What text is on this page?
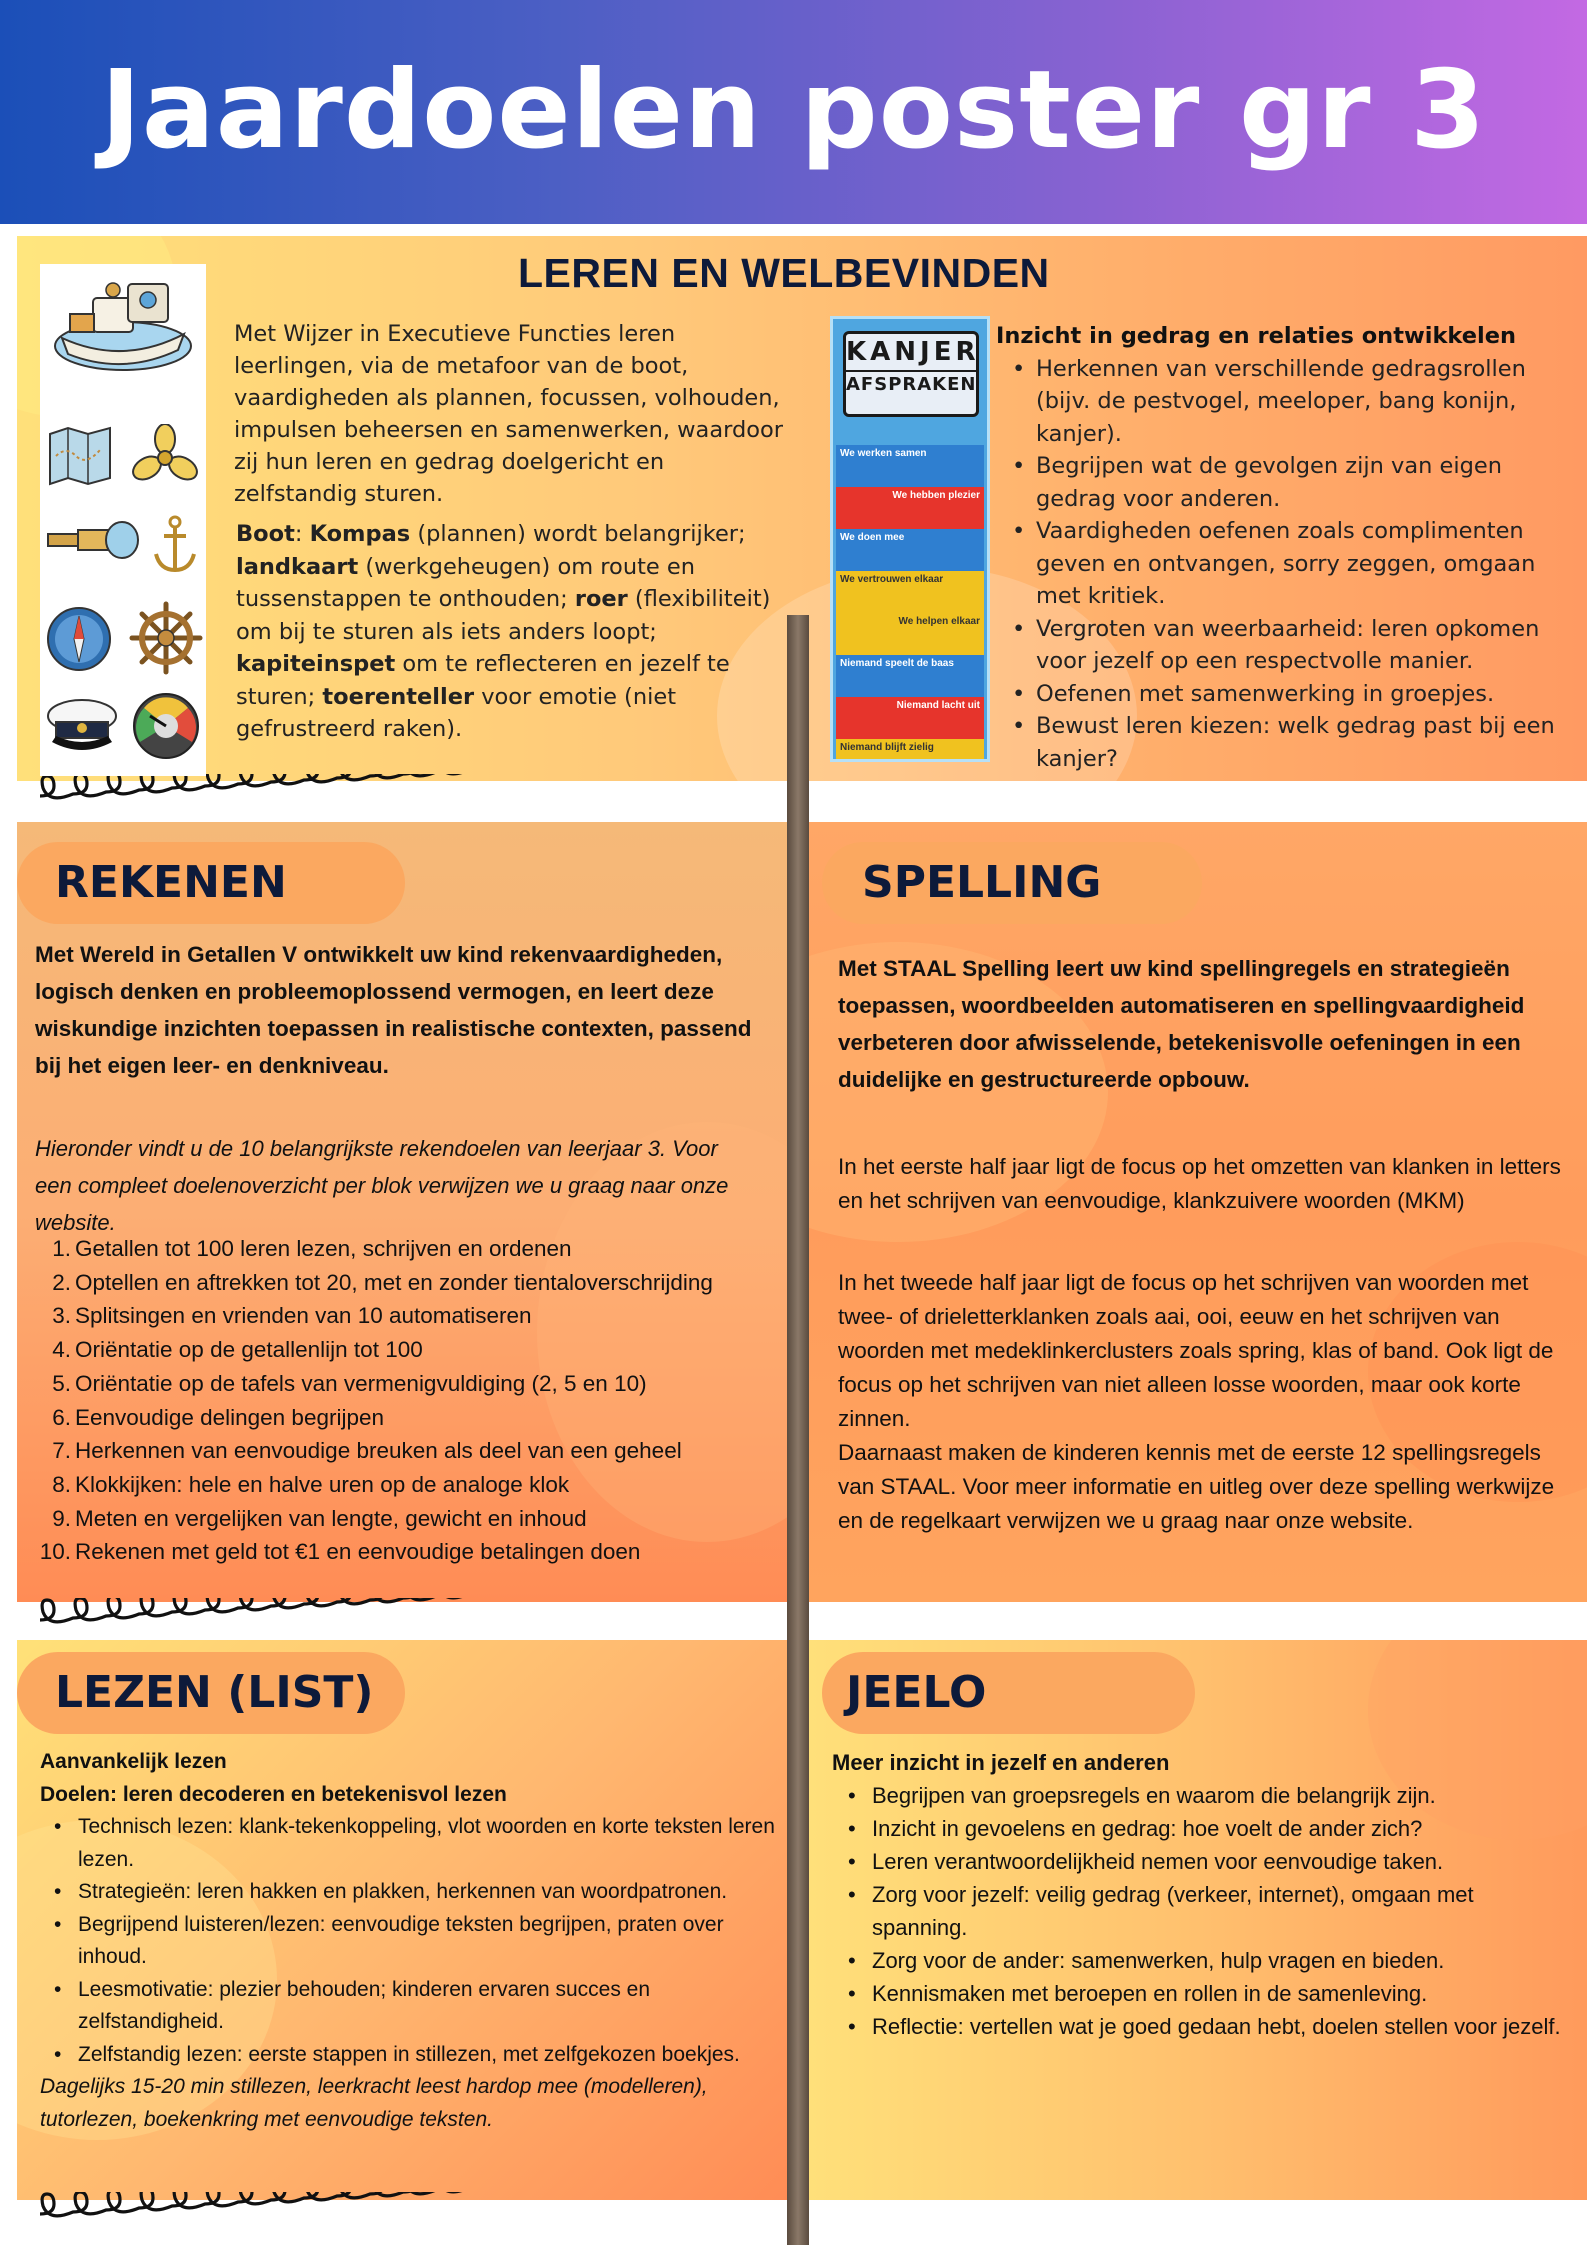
Jaardoelen poster gr 3
LEREN EN WELBEVINDEN
Met Wijzer in Executieve Functies leren leerlingen, via de metafoor van de boot, vaardigheden als plannen, focussen, volhouden, impulsen beheersen en samenwerken, waardoor zij hun leren en gedrag doelgericht en zelfstandig sturen.
Boot: Kompas (plannen) wordt belangrijker; landkaart (werkgeheugen) om route en tussenstappen te onthouden; roer (flexibiliteit) om bij te sturen als iets anders loopt; kapiteinspet om te reflecteren en jezelf te sturen; toerenteller voor emotie (niet gefrustreerd raken).
KANJER
AFSPRAKEN
We werken samen
We hebben plezier
We doen mee
We vertrouwen elkaar
We helpen elkaar
Niemand speelt de baas
Niemand lacht uit
Niemand blijft zielig
Inzicht in gedrag en relaties ontwikkelen
• Herkennen van verschillende gedragsrollen (bijv. de pestvogel, meeloper, bang konijn, kanjer).
• Begrijpen wat de gevolgen zijn van eigen gedrag voor anderen.
• Vaardigheden oefenen zoals complimenten geven en ontvangen, sorry zeggen, omgaan met kritiek.
• Vergroten van weerbaarheid: leren opkomen voor jezelf op een respectvolle manier.
• Oefenen met samenwerking in groepjes.
• Bewust leren kiezen: welk gedrag past bij een kanjer?
REKENEN
Met Wereld in Getallen V ontwikkelt uw kind rekenvaardigheden, logisch denken en probleemoplossend vermogen, en leert deze wiskundige inzichten toepassen in realistische contexten, passend bij het eigen leer- en denkniveau.
Hieronder vindt u de 10 belangrijkste rekendoelen van leerjaar 3. Voor een compleet doelenoverzicht per blok verwijzen we u graag naar onze website.
1. Getallen tot 100 leren lezen, schrijven en ordenen
2. Optellen en aftrekken tot 20, met en zonder tientaloverschrijding
3. Splitsingen en vrienden van 10 automatiseren
4. Oriëntatie op de getallenlijn tot 100
5. Oriëntatie op de tafels van vermenigvuldiging (2, 5 en 10)
6. Eenvoudige delingen begrijpen
7. Herkennen van eenvoudige breuken als deel van een geheel
8. Klokkijken: hele en halve uren op de analoge klok
9. Meten en vergelijken van lengte, gewicht en inhoud
10. Rekenen met geld tot €1 en eenvoudige betalingen doen
SPELLING
Met STAAL Spelling leert uw kind spellingregels en strategieën toepassen, woordbeelden automatiseren en spellingvaardigheid verbeteren door afwisselende, betekenisvolle oefeningen in een duidelijke en gestructureerde opbouw.
In het eerste half jaar ligt de focus op het omzetten van klanken in letters en het schrijven van eenvoudige, klankzuivere woorden (MKM)
In het tweede half jaar ligt de focus op het schrijven van woorden met twee- of drieletterklanken zoals aai, ooi, eeuw en het schrijven van woorden met medeklinkerclusters zoals spring, klas of band. Ook ligt de focus op het schrijven van niet alleen losse woorden, maar ook korte zinnen.
Daarnaast maken de kinderen kennis met de eerste 12 spellingsregels van STAAL. Voor meer informatie en uitleg over deze spelling werkwijze en de regelkaart verwijzen we u graag naar onze website.
LEZEN (LIST)
Aanvankelijk lezen
Doelen: leren decoderen en betekenisvol lezen
• Technisch lezen: klank-tekenkoppeling, vlot woorden en korte teksten leren lezen.
• Strategieën: leren hakken en plakken, herkennen van woordpatronen.
• Begrijpend luisteren/lezen: eenvoudige teksten begrijpen, praten over inhoud.
• Leesmotivatie: plezier behouden; kinderen ervaren succes en zelfstandigheid.
• Zelfstandig lezen: eerste stappen in stillezen, met zelfgekozen boekjes.
Dagelijks 15-20 min stillezen, leerkracht leest hardop mee (modelleren), tutorlezen, boekenkring met eenvoudige teksten.
JEELO
Meer inzicht in jezelf en anderen
• Begrijpen van groepsregels en waarom die belangrijk zijn.
• Inzicht in gevoelens en gedrag: hoe voelt de ander zich?
• Leren verantwoordelijkheid nemen voor eenvoudige taken.
• Zorg voor jezelf: veilig gedrag (verkeer, internet), omgaan met spanning.
• Zorg voor de ander: samenwerken, hulp vragen en bieden.
• Kennismaken met beroepen en rollen in de samenleving.
• Reflectie: vertellen wat je goed gedaan hebt, doelen stellen voor jezelf.
